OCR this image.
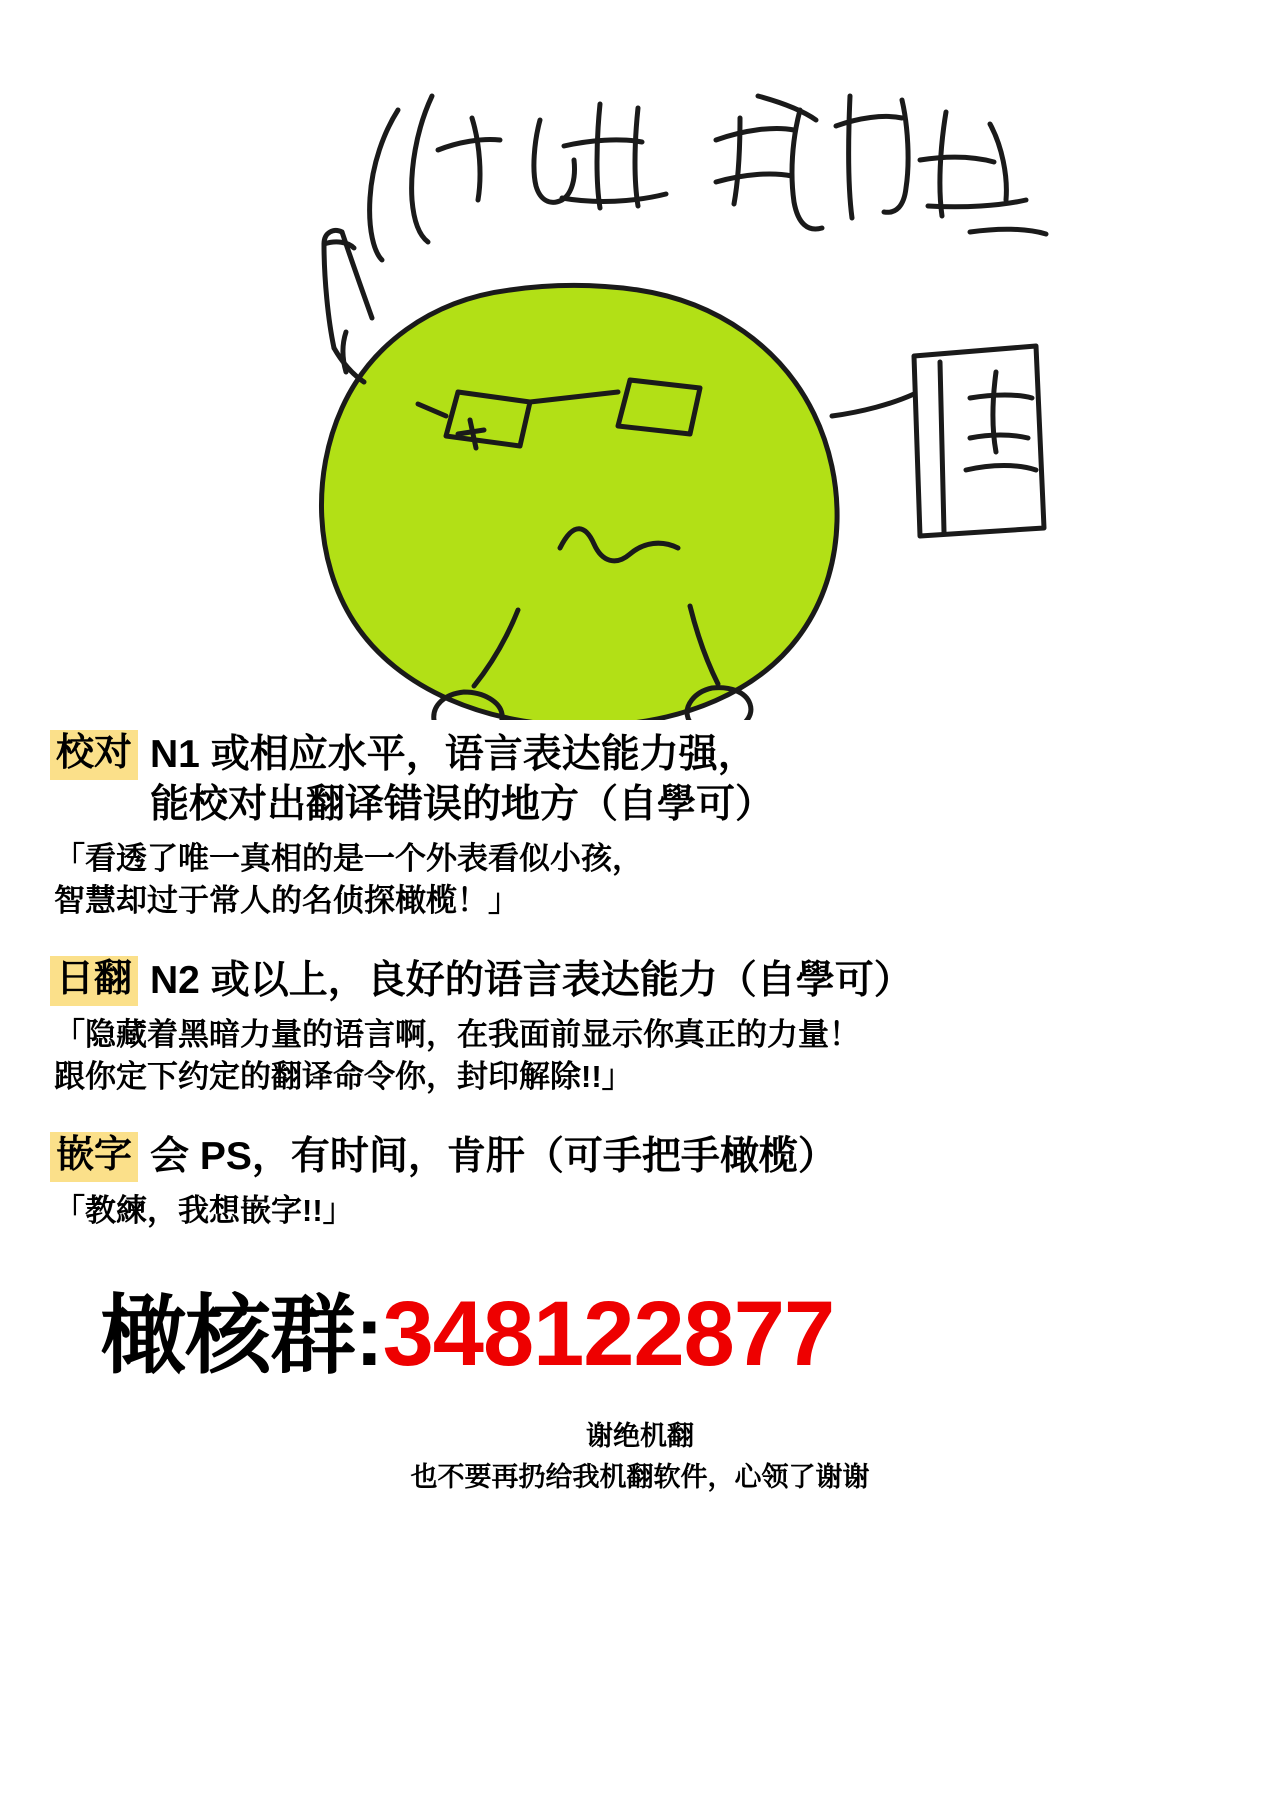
校对 N1 或相应水平，语言表达能力强，
能校对出翻译错误的地方（自學可）
「看透了唯一真相的是一个外表看似小孩，
智慧却过于常人的名侦探橄榄！」
日翻 N2 或以上，良好的语言表达能力（自學可）
「隐藏着黑暗力量的语言啊，在我面前显示你真正的力量！
跟你定下约定的翻译命令你，封印解除!!」
嵌字 会 PS，有时间，肯肝（可手把手橄榄）
「教練，我想嵌字!!」
橄核群: 348122877
谢绝机翻
也不要再扔给我机翻软件，心领了谢谢
